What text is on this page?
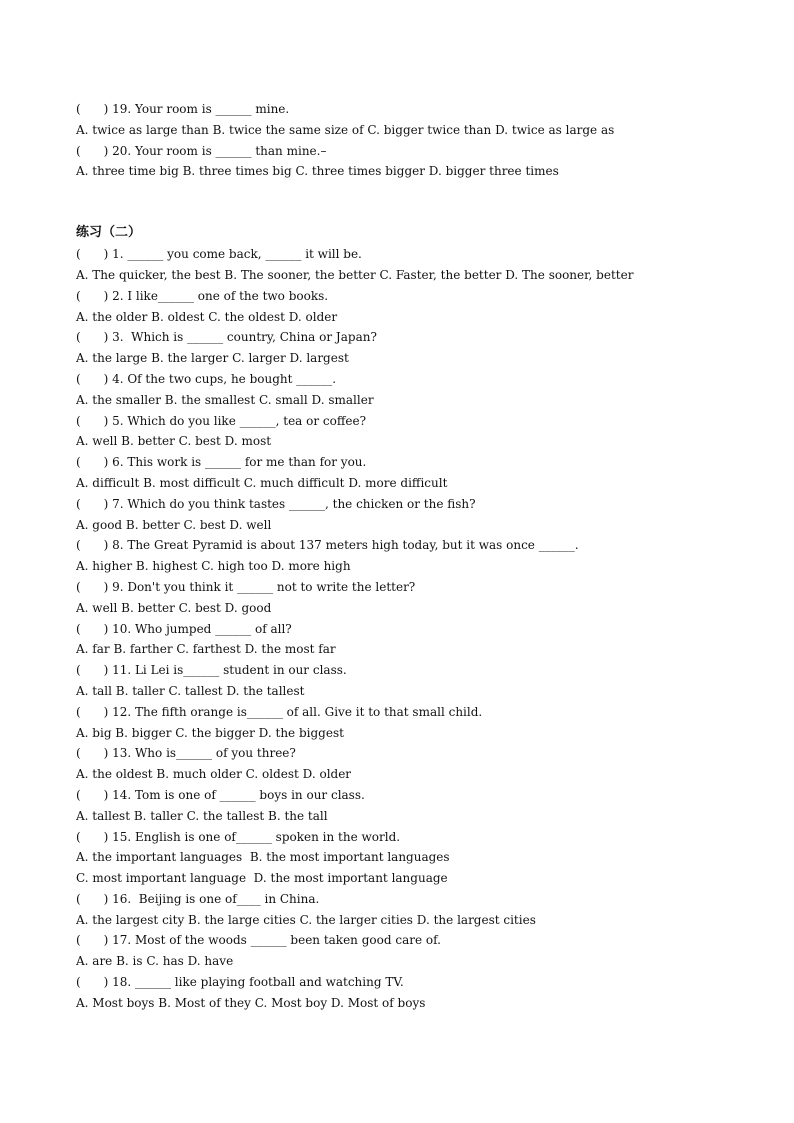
(      ) 19. Your room is ______ mine.
A. twice as large than B. twice the same size of C. bigger twice than D. twice as large as
(      ) 20. Your room is ______ than mine.–
A. three time big B. three times big C. three times bigger D. bigger three times
练习（二）
(      ) 1. ______ you come back, ______ it will be.
A. The quicker, the best B. The sooner, the better C. Faster, the better D. The sooner, better
(      ) 2. I like______ one of the two books.
A. the older B. oldest C. the oldest D. older
(      ) 3.  Which is ______ country, China or Japan?
A. the large B. the larger C. larger D. largest
(      ) 4. Of the two cups, he bought ______.
A. the smaller B. the smallest C. small D. smaller
(      ) 5. Which do you like ______, tea or coffee?
A. well B. better C. best D. most
(      ) 6. This work is ______ for me than for you.
A. difficult B. most difficult C. much difficult D. more difficult
(      ) 7. Which do you think tastes ______, the chicken or the fish?
A. good B. better C. best D. well
(      ) 8. The Great Pyramid is about 137 meters high today, but it was once ______.
A. higher B. highest C. high too D. more high
(      ) 9. Don't you think it ______ not to write the letter?
A. well B. better C. best D. good
(      ) 10. Who jumped ______ of all?
A. far B. farther C. farthest D. the most far
(      ) 11. Li Lei is______ student in our class.
A. tall B. taller C. tallest D. the tallest
(      ) 12. The fifth orange is______ of all. Give it to that small child.
A. big B. bigger C. the bigger D. the biggest
(      ) 13. Who is______ of you three?
A. the oldest B. much older C. oldest D. older
(      ) 14. Tom is one of ______ boys in our class.
A. tallest B. taller C. the tallest B. the tall
(      ) 15. English is one of______ spoken in the world.
A. the important languages  B. the most important languages
C. most important language  D. the most important language
(      ) 16.  Beijing is one of____ in China.
A. the largest city B. the large cities C. the larger cities D. the largest cities
(      ) 17. Most of the woods ______ been taken good care of.
A. are B. is C. has D. have
(      ) 18. ______ like playing football and watching TV.
A. Most boys B. Most of they C. Most boy D. Most of boys
